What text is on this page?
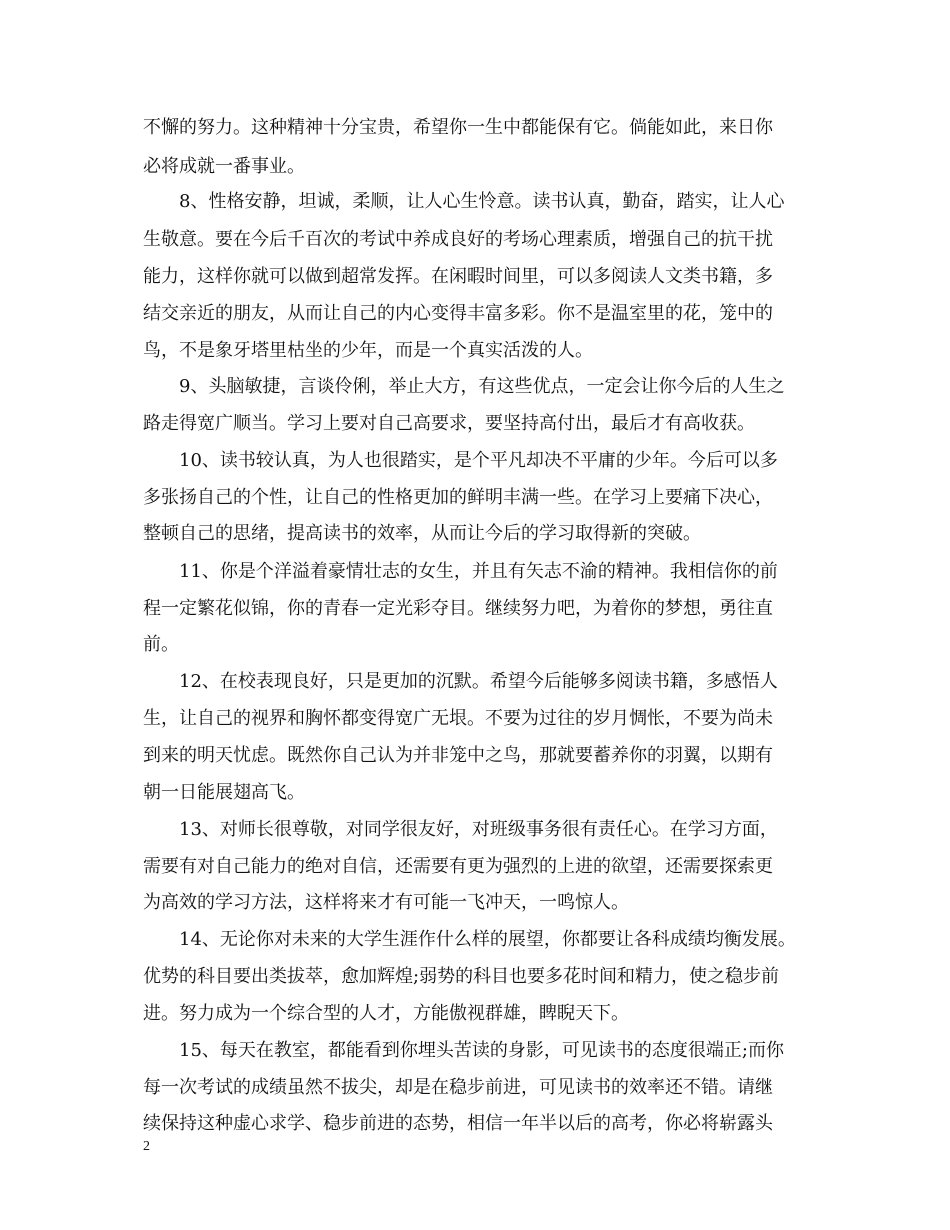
不懈的努力。这种精神十分宝贵，希望你一生中都能保有它。倘能如此，来日你
必将成就一番事业。
　　8、性格安静，坦诚，柔顺，让人心生怜意。读书认真，勤奋，踏实，让人心
生敬意。要在今后千百次的考试中养成良好的考场心理素质，增强自己的抗干扰
能力，这样你就可以做到超常发挥。在闲暇时间里，可以多阅读人文类书籍，多
结交亲近的朋友，从而让自己的内心变得丰富多彩。你不是温室里的花，笼中的
鸟，不是象牙塔里枯坐的少年，而是一个真实活泼的人。
　　9、头脑敏捷，言谈伶俐，举止大方，有这些优点，一定会让你今后的人生之
路走得宽广顺当。学习上要对自己高要求，要坚持高付出，最后才有高收获。
　　10、读书较认真，为人也很踏实，是个平凡却决不平庸的少年。今后可以多
多张扬自己的个性，让自己的性格更加的鲜明丰满一些。在学习上要痛下决心，
整顿自己的思绪，提高读书的效率，从而让今后的学习取得新的突破。
　　11、你是个洋溢着豪情壮志的女生，并且有矢志不渝的精神。我相信你的前
程一定繁花似锦，你的青春一定光彩夺目。继续努力吧，为着你的梦想，勇往直
前。
　　12、在校表现良好，只是更加的沉默。希望今后能够多阅读书籍，多感悟人
生，让自己的视界和胸怀都变得宽广无垠。不要为过往的岁月惆怅，不要为尚未
到来的明天忧虑。既然你自己认为并非笼中之鸟，那就要蓄养你的羽翼，以期有
朝一日能展翅高飞。
　　13、对师长很尊敬，对同学很友好，对班级事务很有责任心。在学习方面，
需要有对自己能力的绝对自信，还需要有更为强烈的上进的欲望，还需要探索更
为高效的学习方法，这样将来才有可能一飞冲天，一鸣惊人。
　　14、无论你对未来的大学生涯作什么样的展望，你都要让各科成绩均衡发展。
优势的科目要出类拔萃，愈加辉煌;弱势的科目也要多花时间和精力，使之稳步前
进。努力成为一个综合型的人才，方能傲视群雄，睥睨天下。
　　15、每天在教室，都能看到你埋头苦读的身影，可见读书的态度很端正;而你
每一次考试的成绩虽然不拔尖，却是在稳步前进，可见读书的效率还不错。请继
续保持这种虚心求学、稳步前进的态势，相信一年半以后的高考，你必将崭露头
2
